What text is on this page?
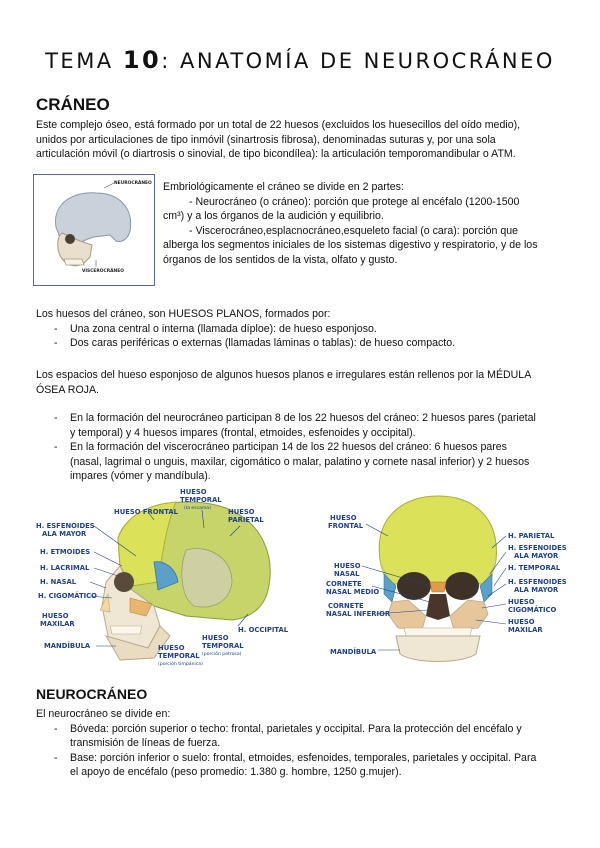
TEMA 10: ANATOMÍA DE NEUROCRÁNEO
CRÁNEO
Este complejo óseo, está formado por un total de 22 huesos (excluidos los huesecillos del oído medio),
unidos por articulaciones de tipo inmóvil (sinartrosis fibrosa), denominadas suturas y, por una sola
articulación móvil (o diartrosis o sinovial, de tipo bicondílea): la articulación temporomandibular o ATM.
NEUROCRÁNEO
VISCEROCRÁNEO
Embriológicamente el cráneo se divide en 2 partes:
- Neurocráneo (o cráneo): porción que protege al encéfalo (1200-1500
cm³) y a los órganos de la audición y equilibrio.
- Viscerocráneo,esplacnocráneo,esqueleto facial (o cara): porción que
alberga los segmentos iniciales de los sistemas digestivo y respiratorio, y de los
órganos de los sentidos de la vista, olfato y gusto.
Los huesos del cráneo, son HUESOS PLANOS, formados por:
- Una zona central o interna (llamada díploe): de hueso esponjoso.
- Dos caras periféricas o externas (llamadas láminas o tablas): de hueso compacto.
Los espacios del hueso esponjoso de algunos huesos planos e irregulares están rellenos por la MÉDULA
ÓSEA ROJA.
- En la formación del neurocráneo participan 8 de los 22 huesos del cráneo: 2 huesos pares (parietal
y temporal) y 4 huesos impares (frontal, etmoides, esfenoides y occipital).
- En la formación del viscerocráneo participan 14 de los 22 huesos del cráneo: 6 huesos pares
(nasal, lagrimal o unguis, maxilar, cigomático o malar, palatino y cornete nasal inferior) y 2 huesos
impares (vómer y mandíbula).
HUESO FRONTAL
HUESO
TEMPORAL
(la escama)	HUESO
PARIETAL
H. ESFENOIDES
ALA MAYOR
H. ETMOIDES
H. LACRIMAL
H. NASAL
H. CIGOMÁTICO
HUESO
MAXILAR
MANDÍBULA
H. OCCIPITAL
HUESO
TEMPORAL
(porción petrosa)
HUESO
TEMPORAL
(porción timpánica)
HUESO
FRONTAL
HUESO
NASAL
CORNETE
NASAL MEDIO
CORNETE
NASAL INFERIOR
MANDÍBULA
H. PARIETAL
H. ESFENOIDES
ALA MAYOR
H. TEMPORAL
H. ESFENOIDES
ALA MAYOR
HUESO
CIGOMÁTICO
HUESO
MAXILAR
NEUROCRÁNEO
El neurocráneo se divide en:
- Bóveda: porción superior o techo: frontal, parietales y occipital. Para la protección del encéfalo y
transmisión de líneas de fuerza.
- Base: porción inferior o suelo: frontal, etmoides, esfenoides, temporales, parietales y occipital. Para
el apoyo de encéfalo (peso promedio: 1.380 g. hombre, 1250 g.mujer).
